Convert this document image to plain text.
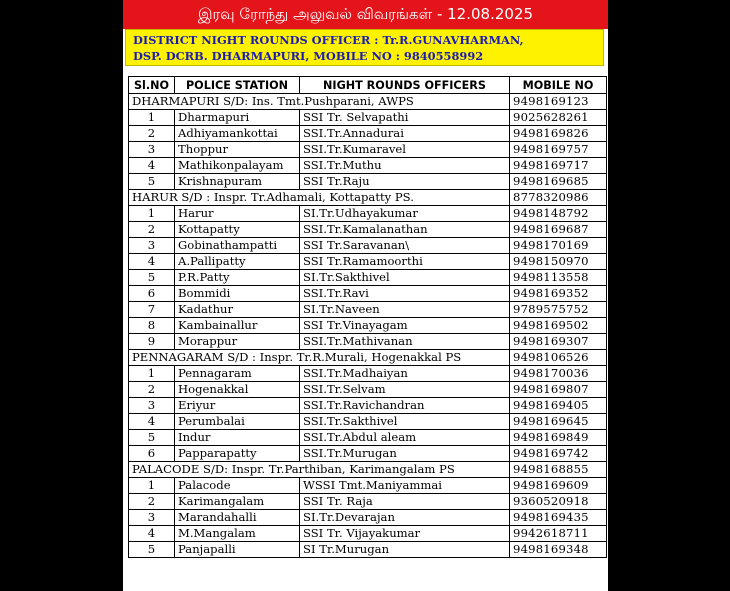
இரவு ரோந்து அலுவல் விவரங்கள் - 12.08.2025
DISTRICT NIGHT ROUNDS OFFICER : Tr.R.GUNAVHARMAN,
DSP. DCRB. DHARMAPURI, MOBILE NO : 9840558992
Sl.NO	POLICE STATION	NIGHT ROUNDS OFFICERS	MOBILE NO
DHARMAPURI S/D: Ins. Tmt.Pushparani, AWPS			9498169123
1	Dharmapuri	SSI Tr. Selvapathi	9025628261
2	Adhiyamankottai	SSI.Tr.Annadurai	9498169826
3	Thoppur	SSI.Tr.Kumaravel	9498169757
4	Mathikonpalayam	SSI.Tr.Muthu	9498169717
5	Krishnapuram	SSI Tr.Raju	9498169685
HARUR S/D : Inspr. Tr.Adhamali, Kottapatty PS.			8778320986
1	Harur	SI.Tr.Udhayakumar	9498148792
2	Kottapatty	SSI.Tr.Kamalanathan	9498169687
3	Gobinathampatti	SSI Tr.Saravanan\	9498170169
4	A.Pallipatty	SSI Tr.Ramamoorthi	9498150970
5	P.R.Patty	SI.Tr.Sakthivel	9498113558
6	Bommidi	SSI.Tr.Ravi	9498169352
7	Kadathur	SI.Tr.Naveen	9789575752
8	Kambainallur	SSI Tr.Vinayagam	9498169502
9	Morappur	SSI.Tr.Mathivanan	9498169307
PENNAGARAM S/D : Inspr. Tr.R.Murali, Hogenakkal PS			9498106526
1	Pennagaram	SSI.Tr.Madhaiyan	9498170036
2	Hogenakkal	SSI.Tr.Selvam	9498169807
3	Eriyur	SSI.Tr.Ravichandran	9498169405
4	Perumbalai	SSI.Tr.Sakthivel	9498169645
5	Indur	SSI.Tr.Abdul aleam	9498169849
6	Papparapatty	SSI.Tr.Murugan	9498169742
PALACODE S/D: Inspr. Tr.Parthiban, Karimangalam PS			9498168855
1	Palacode	WSSI Tmt.Maniyammai	9498169609
2	Karimangalam	SSI Tr. Raja	9360520918
3	Marandahalli	SI.Tr.Devarajan	9498169435
4	M.Mangalam	SSI Tr. Vijayakumar	9942618711
5	Panjapalli	SI Tr.Murugan	9498169348
